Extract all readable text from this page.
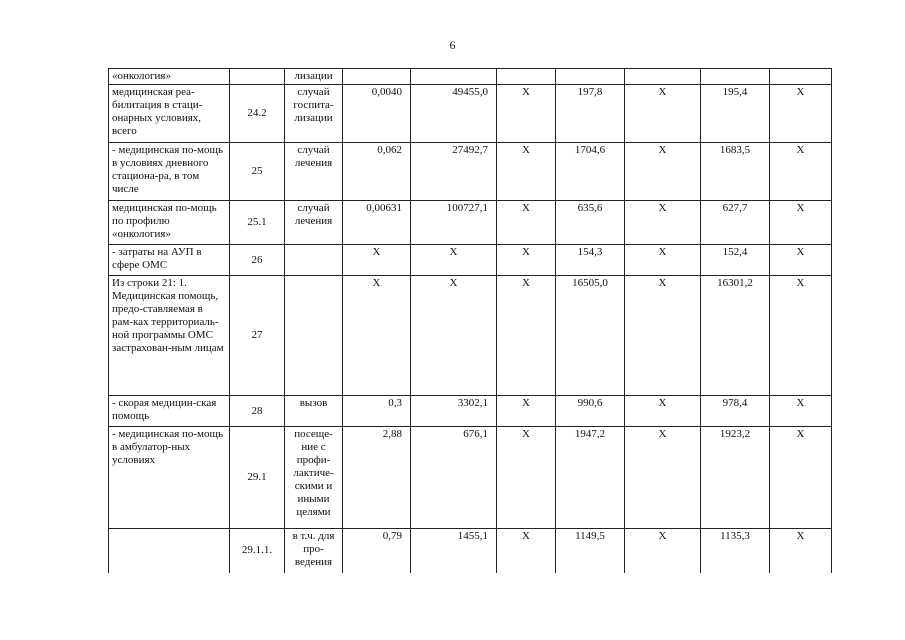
6
«онкология»		лизации							
медицинская реа-билитация в стаци-онарных условиях, всего	24.2	случай госпита-лизации	0,0040	49455,0	Х	197,8	Х	195,4	Х
- медицинская по-мощь в условиях дневного стациона-ра, в том числе	25	случай лечения	0,062	27492,7	Х	1704,6	Х	1683,5	Х
медицинская по-мощь по профилю «онкология»	25.1	случай лечения	0,00631	100727,1	Х	635,6	Х	627,7	Х
- затраты на АУП в сфере ОМС	26		Х	Х	Х	154,3	Х	152,4	Х
Из строки 21: 1. Медицинская помощь, предо-ставляемая в рам-ках территориаль-ной программы ОМС застрахован-ным лицам	27		Х	Х	Х	16505,0	Х	16301,2	Х
- скорая медицин-ская помощь	28	вызов	0,3	3302,1	Х	990,6	Х	978,4	Х
- медицинская по-мощь в амбулатор-ных условиях	29.1	посеще-ние с профи-лактиче-скими и иными целями	2,88	676,1	Х	1947,2	Х	1923,2	Х
	29.1.1.	в т.ч. для про-ведения	0,79	1455,1	Х	1149,5	Х	1135,3	Х
